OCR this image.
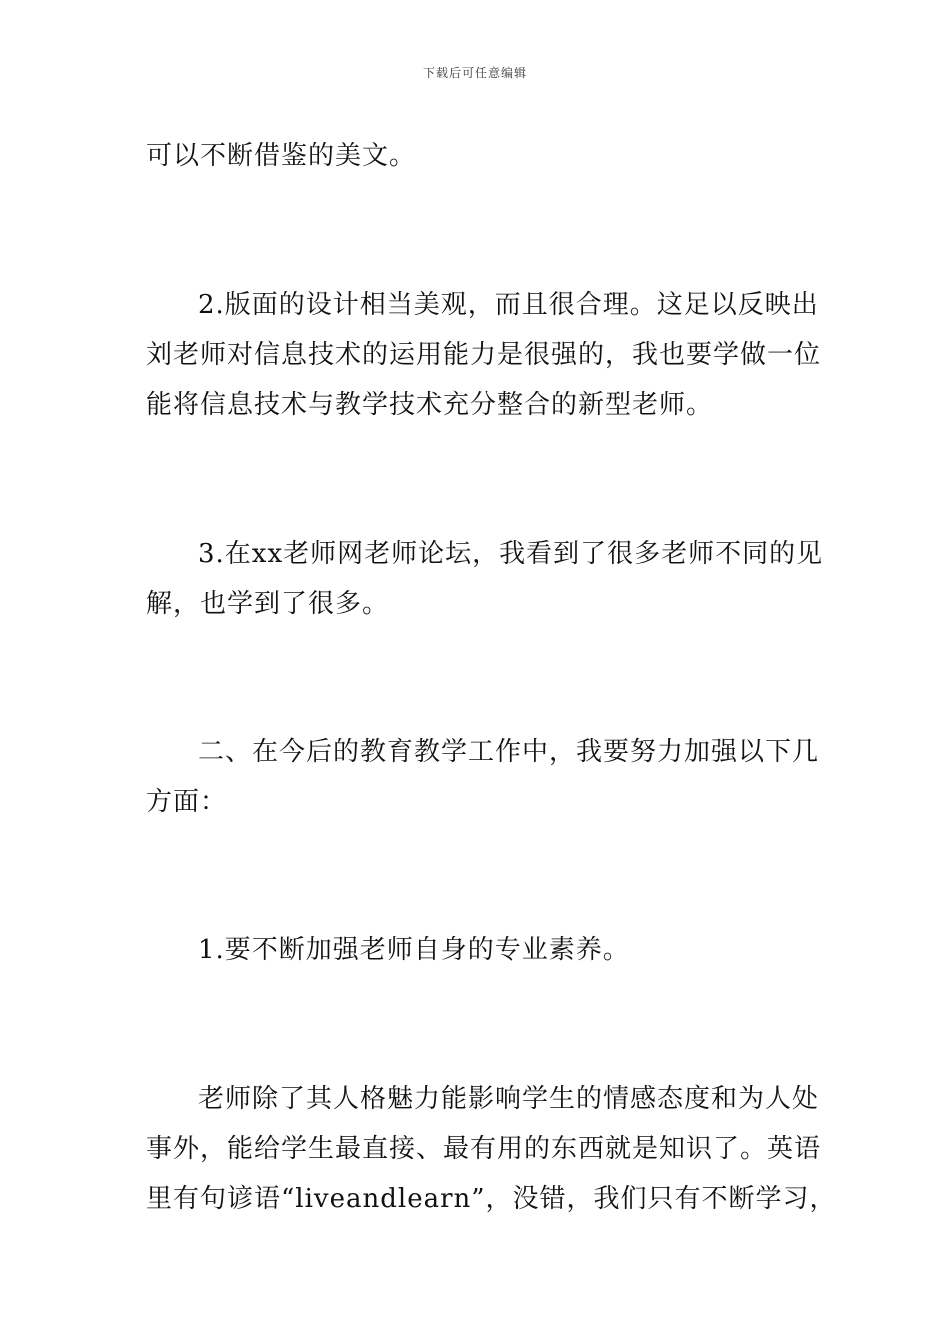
下载后可任意编辑
可以不断借鉴的美文。
2.版面的设计相当美观，而且很合理。这足以反映出
刘老师对信息技术的运用能力是很强的，我也要学做一位
能将信息技术与教学技术充分整合的新型老师。
3.在xx老师网老师论坛，我看到了很多老师不同的见
解，也学到了很多。
二、在今后的教育教学工作中，我要努力加强以下几
方面：
1.要不断加强老师自身的专业素养。
老师除了其人格魅力能影响学生的情感态度和为人处
事外，能给学生最直接、最有用的东西就是知识了。英语
里有句谚语“liveandlearn”，没错，我们只有不断学习，
